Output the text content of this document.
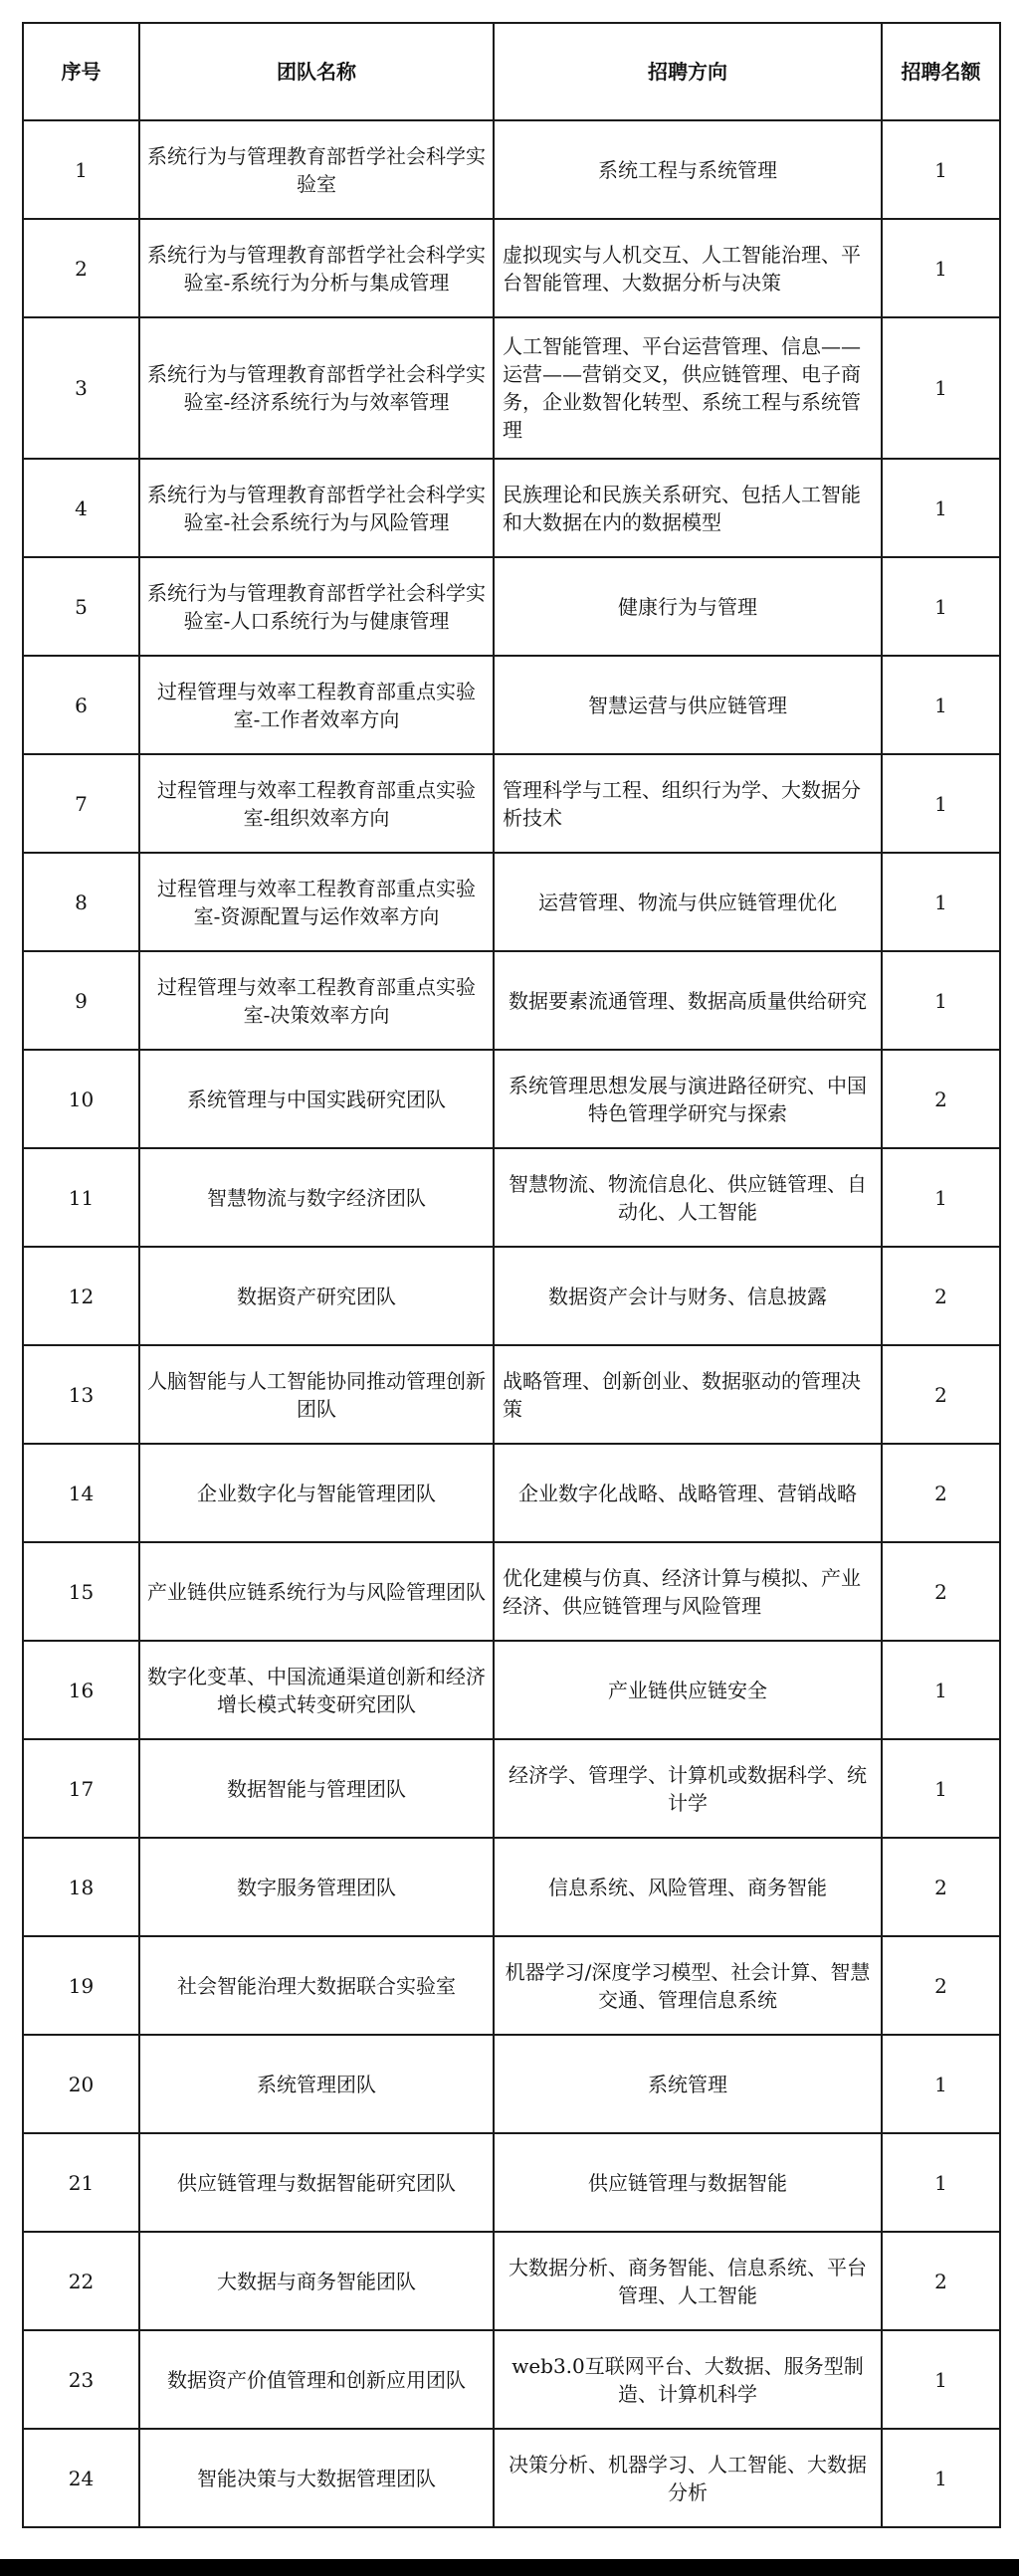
序号	团队名称	招聘方向	招聘名额
1	系统行为与管理教育部哲学社会科学实验室	系统工程与系统管理	1
2	系统行为与管理教育部哲学社会科学实验室-系统行为分析与集成管理	虚拟现实与人机交互、人工智能治理、平台智能管理、大数据分析与决策	1
3	系统行为与管理教育部哲学社会科学实验室-经济系统行为与效率管理	人工智能管理、平台运营管理、信息——运营——营销交叉，供应链管理、电子商务，企业数智化转型、系统工程与系统管理	1
4	系统行为与管理教育部哲学社会科学实验室-社会系统行为与风险管理	民族理论和民族关系研究、包括人工智能和大数据在内的数据模型	1
5	系统行为与管理教育部哲学社会科学实验室-人口系统行为与健康管理	健康行为与管理	1
6	过程管理与效率工程教育部重点实验室-工作者效率方向	智慧运营与供应链管理	1
7	过程管理与效率工程教育部重点实验室-组织效率方向	管理科学与工程、组织行为学、大数据分析技术	1
8	过程管理与效率工程教育部重点实验室-资源配置与运作效率方向	运营管理、物流与供应链管理优化	1
9	过程管理与效率工程教育部重点实验室-决策效率方向	数据要素流通管理、数据高质量供给研究	1
10	系统管理与中国实践研究团队	系统管理思想发展与演进路径研究、中国特色管理学研究与探索	2
11	智慧物流与数字经济团队	智慧物流、物流信息化、供应链管理、自动化、人工智能	1
12	数据资产研究团队	数据资产会计与财务、信息披露	2
13	人脑智能与人工智能协同推动管理创新团队	战略管理、创新创业、数据驱动的管理决策	2
14	企业数字化与智能管理团队	企业数字化战略、战略管理、营销战略	2
15	产业链供应链系统行为与风险管理团队	优化建模与仿真、经济计算与模拟、产业经济、供应链管理与风险管理	2
16	数字化变革、中国流通渠道创新和经济增长模式转变研究团队	产业链供应链安全	1
17	数据智能与管理团队	经济学、管理学、计算机或数据科学、统计学	1
18	数字服务管理团队	信息系统、风险管理、商务智能	2
19	社会智能治理大数据联合实验室	机器学习/深度学习模型、社会计算、智慧交通、管理信息系统	2
20	系统管理团队	系统管理	1
21	供应链管理与数据智能研究团队	供应链管理与数据智能	1
22	大数据与商务智能团队	大数据分析、商务智能、信息系统、平台管理、人工智能	2
23	数据资产价值管理和创新应用团队	web3.0互联网平台、大数据、服务型制造、计算机科学	1
24	智能决策与大数据管理团队	决策分析、机器学习、人工智能、大数据分析	1
